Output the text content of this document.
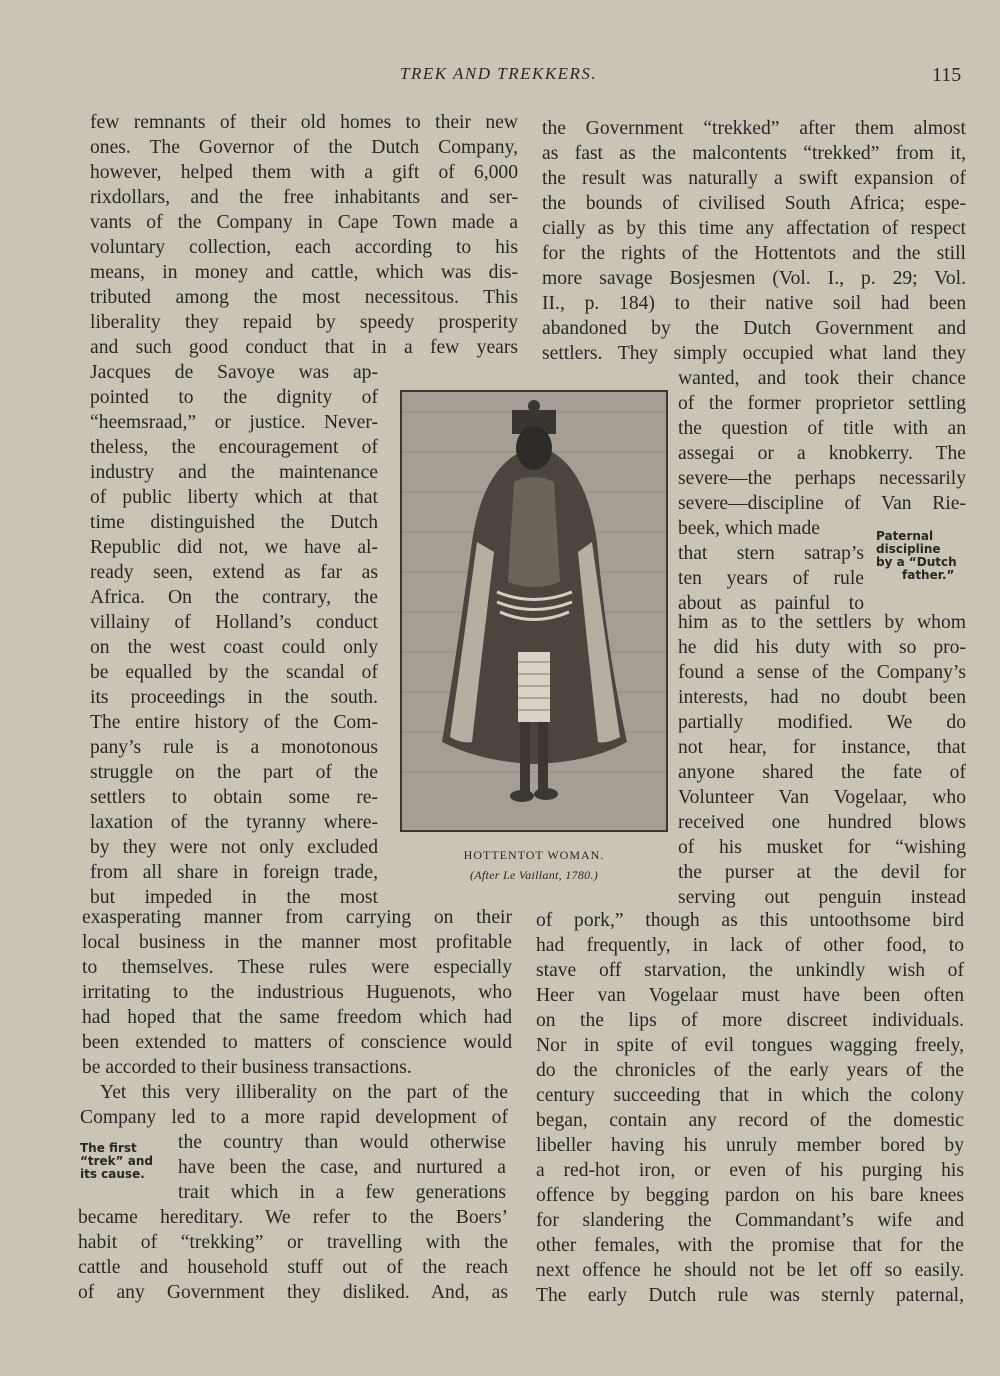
TREK AND TREKKERS.	115
few remnants of their old homes to their new
ones. The Governor of the Dutch Company,
however, helped them with a gift of 6,000
rixdollars, and the free inhabitants and ser-
vants of the Company in Cape Town made a
voluntary collection, each according to his
means, in money and cattle, which was dis-
tributed among the most necessitous. This
liberality they repaid by speedy prosperity
and such good conduct that in a few years
Jacques de Savoye was ap-
pointed to the dignity of
“heemsraad,” or justice. Never-
theless, the encouragement of
industry and the maintenance
of public liberty which at that
time distinguished the Dutch
Republic did not, we have al-
ready seen, extend as far as
Africa. On the contrary, the
villainy of Holland’s conduct
on the west coast could only
be equalled by the scandal of
its proceedings in the south.
The entire history of the Com-
pany’s rule is a monotonous
struggle on the part of the
settlers to obtain some re-
laxation of the tyranny where-
by they were not only excluded
from all share in foreign trade,
but impeded in the most
exasperating manner from carrying on their
local business in the manner most profitable
to themselves. These rules were especially
irritating to the industrious Huguenots, who
had hoped that the same freedom which had
been extended to matters of conscience would
be accorded to their business transactions.
Yet this very illiberality on the part of the
Company led to a more rapid development of
the country than would otherwise
have been the case, and nurtured a
trait which in a few generations
became hereditary. We refer to the Boers’
habit of “trekking” or travelling with the
cattle and household stuff out of the reach
of any Government they disliked. And, as
The first
“trek” and
its cause.
HOTTENTOT WOMAN.
(After Le Vaillant, 1780.)
the Government “trekked” after them almost
as fast as the malcontents “trekked” from it,
the result was naturally a swift expansion of
the bounds of civilised South Africa; espe-
cially as by this time any affectation of respect
for the rights of the Hottentots and the still
more savage Bosjesmen (Vol. I., p. 29; Vol.
II., p. 184) to their native soil had been
abandoned by the Dutch Government and
settlers. They simply occupied what land they
wanted, and took their chance
of the former proprietor settling
the question of title with an
assegai or a knobkerry. The
severe—the perhaps necessarily
severe—discipline of Van Rie-
beek, which made
that stern satrap’s
ten years of rule
about as painful to
Paternal
discipline
by a “Dutch
father.”
him as to the settlers by whom
he did his duty with so pro-
found a sense of the Company’s
interests, had no doubt been
partially modified. We do
not hear, for instance, that
anyone shared the fate of
Volunteer Van Vogelaar, who
received one hundred blows
of his musket for “wishing
the purser at the devil for
serving out penguin instead
of pork,” though as this untoothsome bird
had frequently, in lack of other food, to
stave off starvation, the unkindly wish of
Heer van Vogelaar must have been often
on the lips of more discreet individuals.
Nor in spite of evil tongues wagging freely,
do the chronicles of the early years of the
century succeeding that in which the colony
began, contain any record of the domestic
libeller having his unruly member bored by
a red-hot iron, or even of his purging his
offence by begging pardon on his bare knees
for slandering the Commandant’s wife and
other females, with the promise that for the
next offence he should not be let off so easily.
The early Dutch rule was sternly paternal,
